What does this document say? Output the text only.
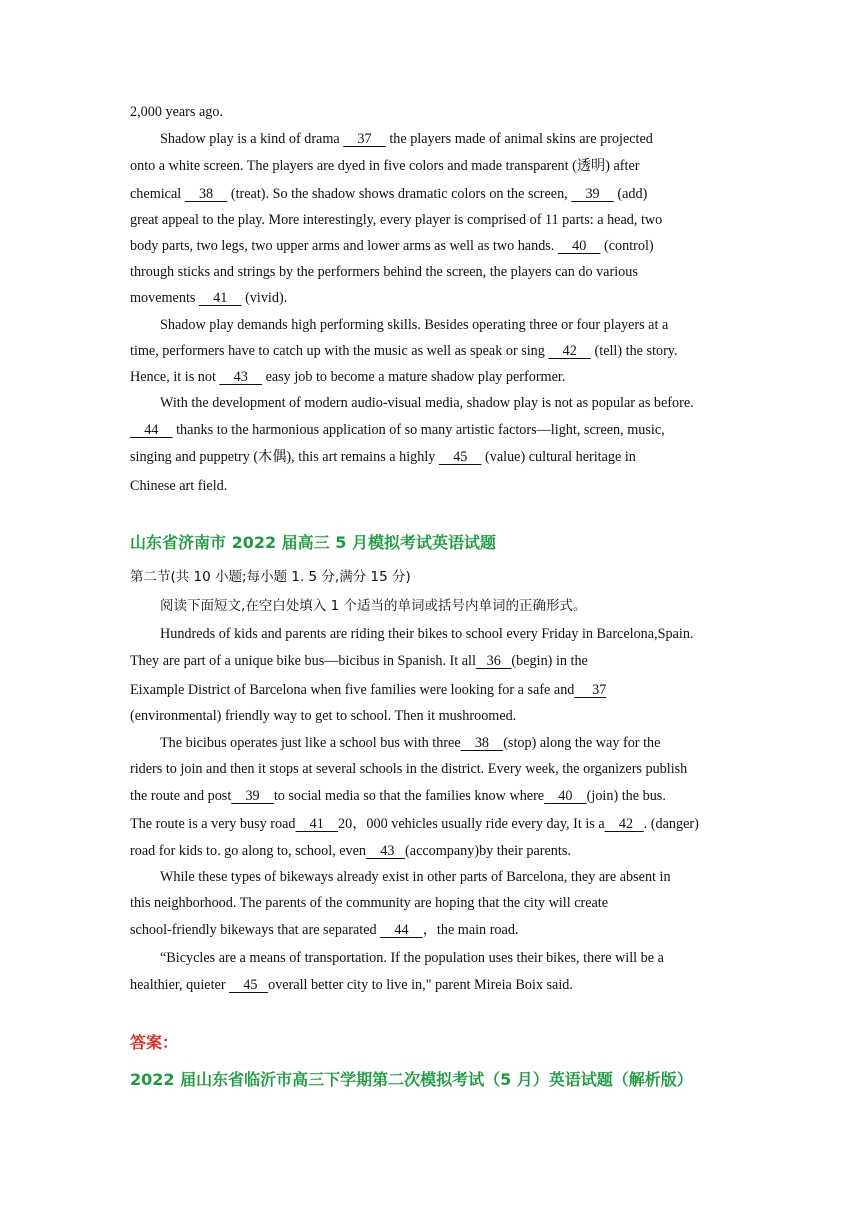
2,000 years ago.
Shadow play is a kind of drama     37     the players made of animal skins are projected
onto a white screen. The players are dyed in five colors and made transparent (透明) after
chemical     38     (treat). So the shadow shows dramatic colors on the screen,     39     (add)
great appeal to the play. More interestingly, every player is comprised of 11 parts: a head, two
body parts, two legs, two upper arms and lower arms as well as two hands.     40     (control)
through sticks and strings by the performers behind the screen, the players can do various
movements     41     (vivid).
Shadow play demands high performing skills. Besides operating three or four players at a
time, performers have to catch up with the music as well as speak or sing     42     (tell) the story.
Hence, it is not     43     easy job to become a mature shadow play performer.
With the development of modern audio-visual media, shadow play is not as popular as before.
44     thanks to the harmonious application of so many artistic factors—light, screen, music,
singing and puppetry (木偶), this art remains a highly     45     (value) cultural heritage in
Chinese art field.
山东省济南市 2022 届高三 5 月模拟考试英语试题
第二节(共 10 小题;每小题 1. 5 分,满分 15 分)
阅读下面短文,在空白处填入 1 个适当的单词或括号内单词的正确形式。
Hundreds of kids and parents are riding their bikes to school every Friday in Barcelona,Spain.
They are part of a unique bike bus—bicibus in Spanish. It all   36   (begin) in the
Eixample District of Barcelona when five families were looking for a safe and     37
(environmental) friendly way to get to school. Then it mushroomed.
The bicibus operates just like a school bus with three    38    (stop) along the way for the
riders to join and then it stops at several schools in the district. Every week, the organizers publish
the route and post    39    to social media so that the families know where    40    (join) the bus.
The route is a very busy road    41    20，000 vehicles usually ride every day, It is a    42   . (danger)
road for kids to. go along to, school, even    43   (accompany)by their parents.
While these types of bikeways already exist in other parts of Barcelona, they are absent in
this neighborhood. The parents of the community are hoping that the city will create
school-friendly bikeways that are separated     44    ，the main road.
“Bicycles are a means of transportation. If the population uses their bikes, there will be a
healthier, quieter     45   overall better city to live in," parent Mireia Boix said.
答案：
2022 届山东省临沂市高三下学期第二次模拟考试（5 月）英语试题（解析版）
